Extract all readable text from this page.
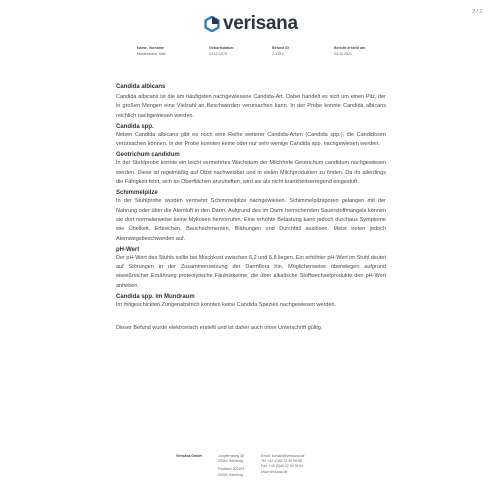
2 / 2
verisana
Name, Vorname
Mustermann, Max
Geburtsdatum
01.12.1970
Befund ID
2-X312
Bericht erstellt am
04.10.2021
Candida albicans

Candida albicans ist die am häufigsten nachgewiesene Candida-Art. Dabei handelt es sich um einen Pilz, der in großen Mengen eine Vielzahl an Beschwerden verursachen kann. In der Probe konnte Candida albicans reichlich nachgewiesen werden.

Candida spp.

Neben Candida albicans gibt es noch eine Reihe weiterer Candida-Arten (Candida spp.), die Candidosen verursachen können. In der Probe konnten keine oder nur sehr wenige Candida spp. nachgewiesen werden.

Geotrichum candidum

In der Stuhlprobe konnte ein leicht vermehrtes Wachstum der Milchhefe Geotrichum candidum nachgewiesen werden. Diese ist regelmäßig auf Obst nachweisbar und in vielen Milchprodukten zu finden. Da ihr allerdings die Fähigkeit fehlt, sich an Oberflächen anzuheften, wird sie als nicht krankheitserregend eingestuft.

Schimmelpilze

In der Stuhlprobe wurden vermehrt Schimmelpilze nachgewiesen. Schimmelpilzsporen gelangen mit der Nahrung oder über die Atemluft in den Darm. Aufgrund des im Darm herrschenden Sauerstoffmangels können sie dort normalerweise keine Mykosen hervorrufen. Eine erhöhte Belastung kann jedoch durchaus Symptome wie Übelkeit, Erbrechen, Bauchschmerzen, Blähungen und Durchfall auslösen. Meist treten jedoch Atemwegsbeschwerden auf.

pH-Wert

Der pH-Wert des Stuhls sollte bei Mischkost zwischen 6,2 und 6,8 liegen. Ein erhöhter pH-Wert im Stuhl deutet auf Störungen in der Zusammensetzung der Darmflora hin. Möglicherweise überwiegen aufgrund eiweißreicher Ernährung proteolytische Fäulniskeime, die über alkalische Stoffwechselprodukte den pH-Wert anheben.

Candida spp. im Mundraum

Im mitgeschickten Zungenabstrich konnten keine Candida Spezies nachgewiesen werden.

Dieser Befund wurde elektronisch erstellt und ist daher auch ohne Unterschrift gültig.
Verisana GmbH	Jungfernstieg 38
20354 Hamburg
Postfach 301103
20304 Hamburg
Email: kontakt@verisana.de
Tel: +49 (0)40 22 99 99 68
Fax: +49 (0)40 22 99 99 69
www.verisana.de
